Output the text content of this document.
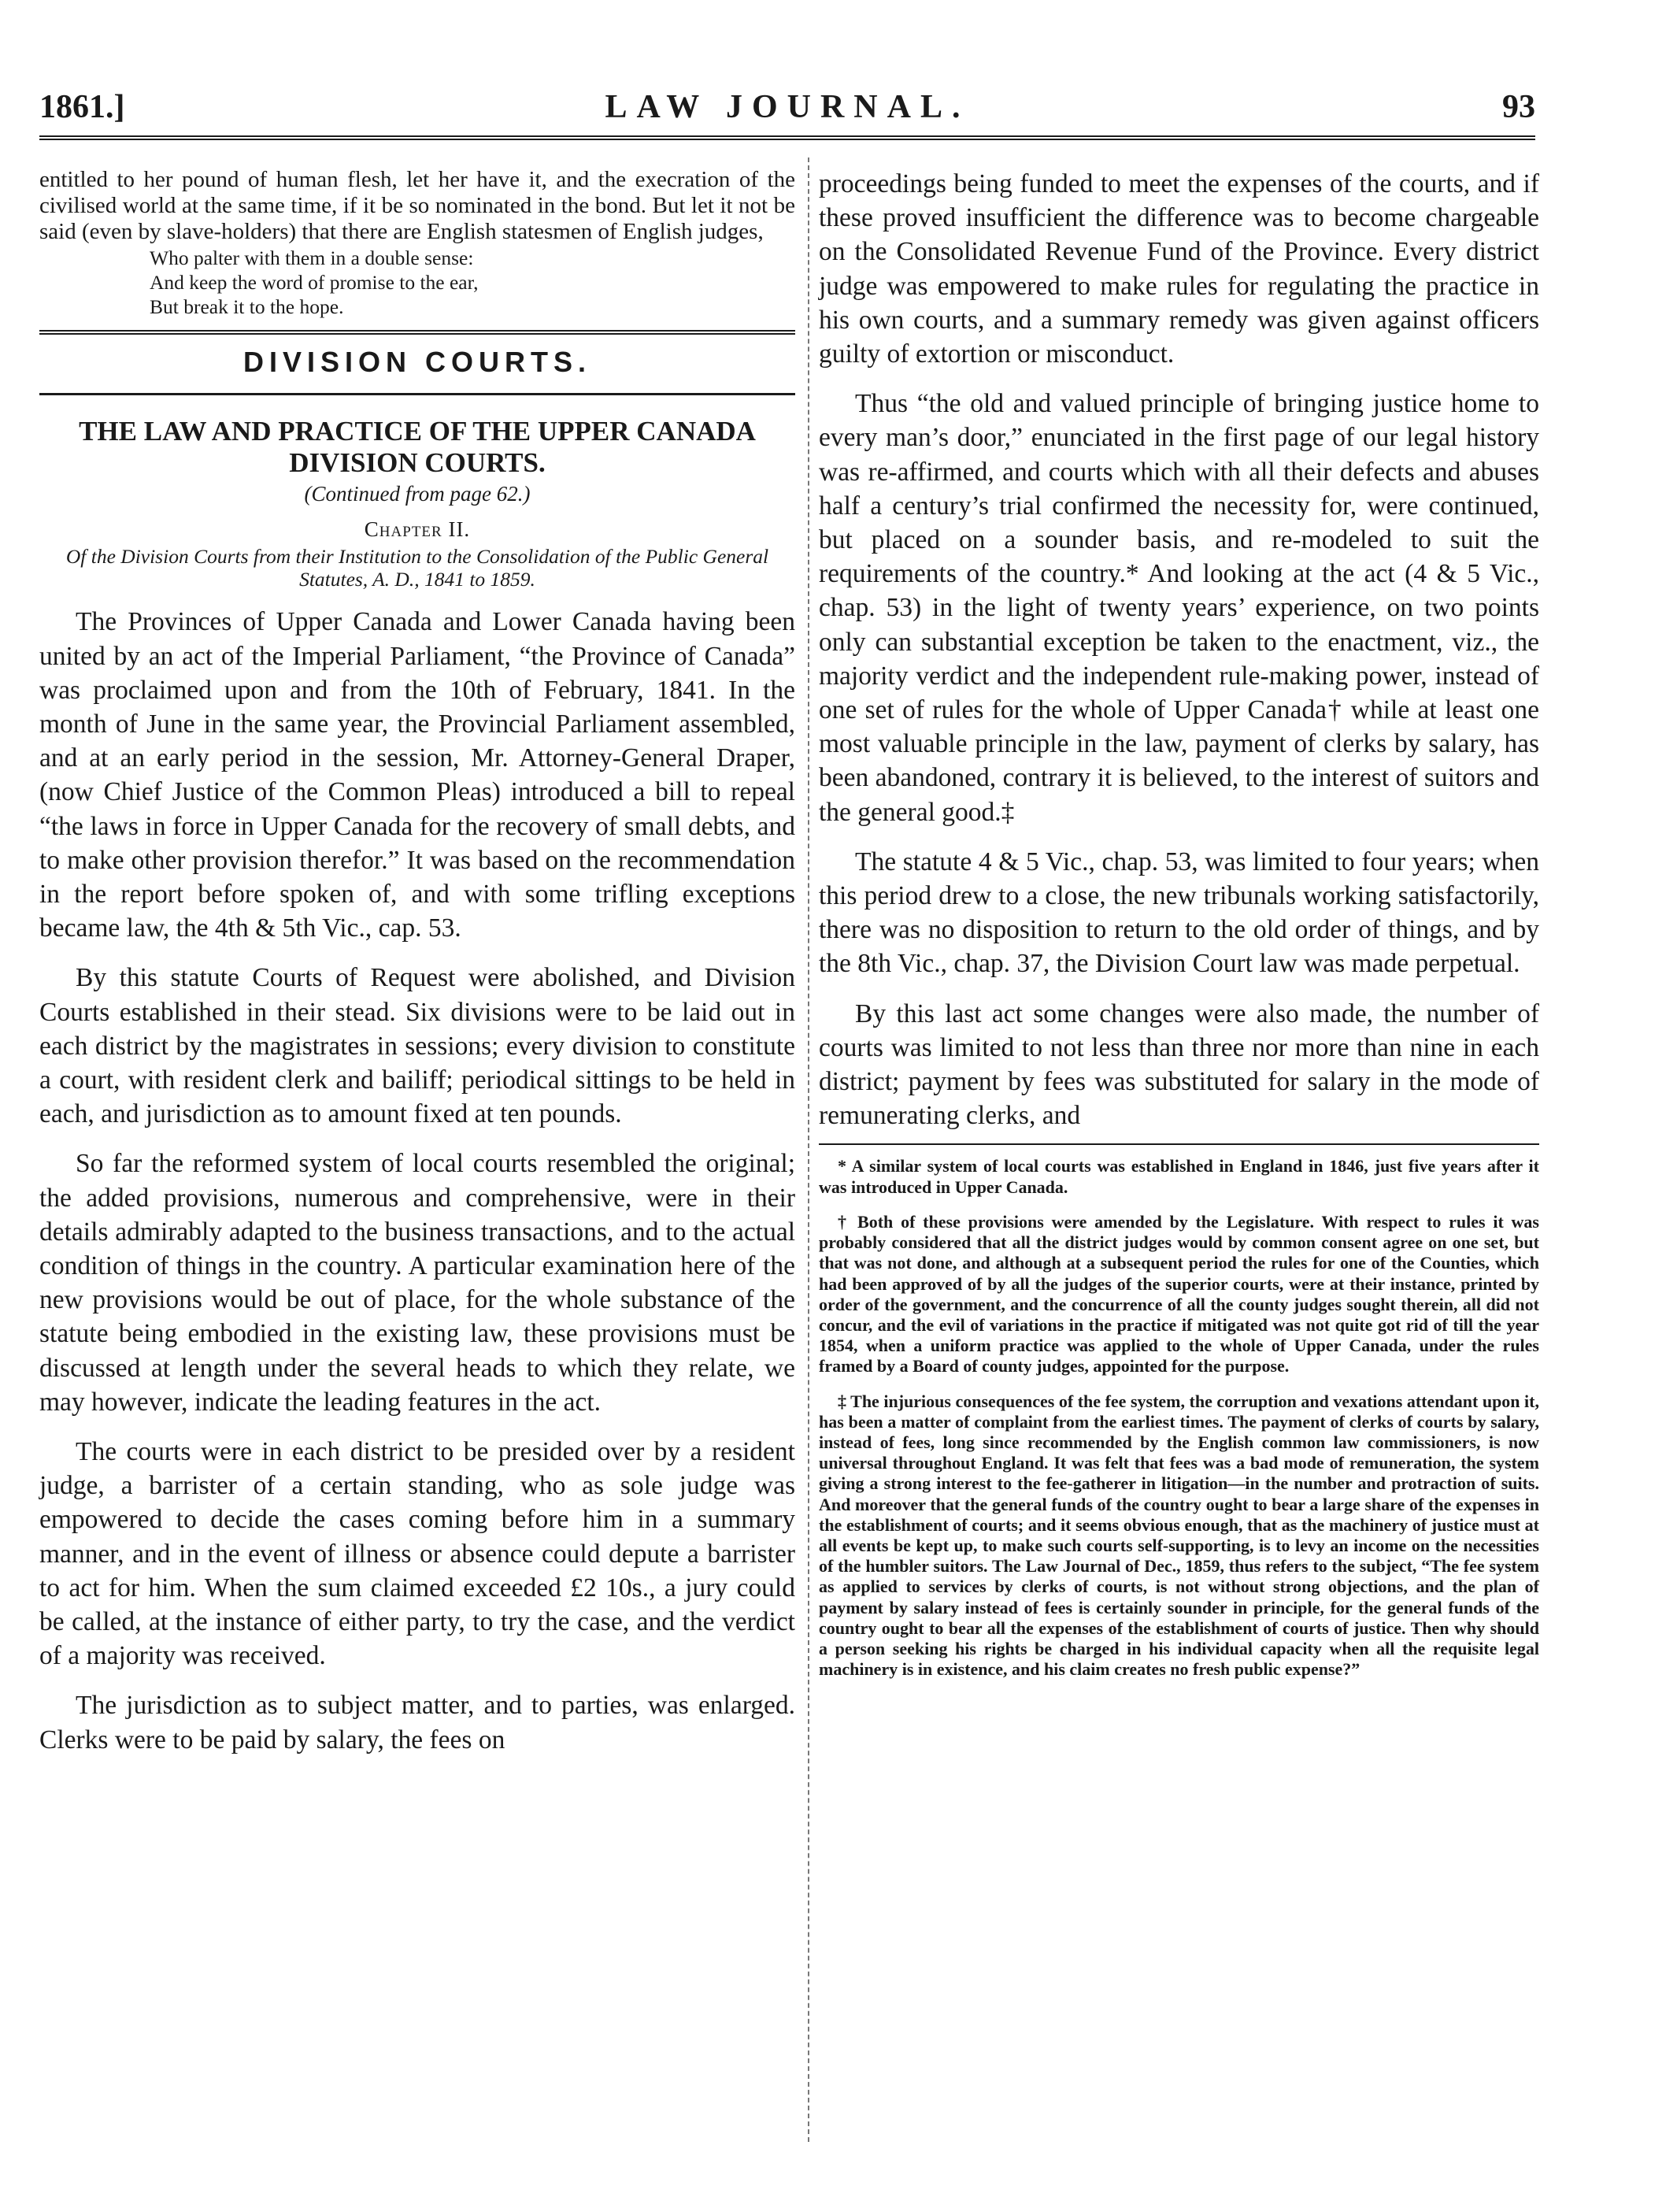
1861.]	LAW JOURNAL.	93

entitled to her pound of human flesh, let her have it, and the execration of the civilised world at the same time, if it be so nominated in the bond. But let it not be said (even by slave-holders) that there are English statesmen of English judges,

Who palter with them in a double sense:
And keep the word of promise to the ear,
But break it to the hope.
DIVISION COURTS.
THE LAW AND PRACTICE OF THE UPPER CANADA DIVISION COURTS.
(Continued from page 62.)
Chapter II.
Of the Division Courts from their Institution to the Consolidation of the Public General Statutes, A. D., 1841 to 1859.

The Provinces of Upper Canada and Lower Canada having been united by an act of the Imperial Parliament, “the Province of Canada” was proclaimed upon and from the 10th of February, 1841. In the month of June in the same year, the Provincial Parliament assembled, and at an early period in the session, Mr. Attorney-General Draper, (now Chief Justice of the Common Pleas) introduced a bill to repeal “the laws in force in Upper Canada for the recovery of small debts, and to make other provision therefor.” It was based on the recommendation in the report before spoken of, and with some trifling exceptions became law, the 4th & 5th Vic., cap. 53.

By this statute Courts of Request were abolished, and Division Courts established in their stead. Six divisions were to be laid out in each district by the magistrates in sessions; every division to constitute a court, with resident clerk and bailiff; periodical sittings to be held in each, and jurisdiction as to amount fixed at ten pounds.

So far the reformed system of local courts resembled the original; the added provisions, numerous and comprehensive, were in their details admirably adapted to the business transactions, and to the actual condition of things in the country. A particular examination here of the new provisions would be out of place, for the whole substance of the statute being embodied in the existing law, these provisions must be discussed at length under the several heads to which they relate, we may however, indicate the leading features in the act.

The courts were in each district to be presided over by a resident judge, a barrister of a certain standing, who as sole judge was empowered to decide the cases coming before him in a summary manner, and in the event of illness or absence could depute a barrister to act for him. When the sum claimed exceeded £2 10s., a jury could be called, at the instance of either party, to try the case, and the verdict of a majority was received.

The jurisdiction as to subject matter, and to parties, was enlarged. Clerks were to be paid by salary, the fees on

proceedings being funded to meet the expenses of the courts, and if these proved insufficient the difference was to become chargeable on the Consolidated Revenue Fund of the Province. Every district judge was empowered to make rules for regulating the practice in his own courts, and a summary remedy was given against officers guilty of extortion or misconduct.

Thus “the old and valued principle of bringing justice home to every man’s door,” enunciated in the first page of our legal history was re-affirmed, and courts which with all their defects and abuses half a century’s trial confirmed the necessity for, were continued, but placed on a sounder basis, and re-modeled to suit the requirements of the country.* And looking at the act (4 & 5 Vic., chap. 53) in the light of twenty years’ experience, on two points only can substantial exception be taken to the enactment, viz., the majority verdict and the independent rule-making power, instead of one set of rules for the whole of Upper Canada† while at least one most valuable principle in the law, payment of clerks by salary, has been abandoned, contrary it is believed, to the interest of suitors and the general good.‡

The statute 4 & 5 Vic., chap. 53, was limited to four years; when this period drew to a close, the new tribunals working satisfactorily, there was no disposition to return to the old order of things, and by the 8th Vic., chap. 37, the Division Court law was made perpetual.

By this last act some changes were also made, the number of courts was limited to not less than three nor more than nine in each district; payment by fees was substituted for salary in the mode of remunerating clerks, and

* A similar system of local courts was established in England in 1846, just five years after it was introduced in Upper Canada.

† Both of these provisions were amended by the Legislature. With respect to rules it was probably considered that all the district judges would by common consent agree on one set, but that was not done, and although at a subsequent period the rules for one of the Counties, which had been approved of by all the judges of the superior courts, were at their instance, printed by order of the government, and the concurrence of all the county judges sought therein, all did not concur, and the evil of variations in the practice if mitigated was not quite got rid of till the year 1854, when a uniform practice was applied to the whole of Upper Canada, under the rules framed by a Board of county judges, appointed for the purpose.

‡ The injurious consequences of the fee system, the corruption and vexations attendant upon it, has been a matter of complaint from the earliest times. The payment of clerks of courts by salary, instead of fees, long since recommended by the English common law commissioners, is now universal throughout England. It was felt that fees was a bad mode of remuneration, the system giving a strong interest to the fee-gatherer in litigation—in the number and protraction of suits. And moreover that the general funds of the country ought to bear a large share of the expenses in the establishment of courts; and it seems obvious enough, that as the machinery of justice must at all events be kept up, to make such courts self-supporting, is to levy an income on the necessities of the humbler suitors. The Law Journal of Dec., 1859, thus refers to the subject, “The fee system as applied to services by clerks of courts, is not without strong objections, and the plan of payment by salary instead of fees is certainly sounder in principle, for the general funds of the country ought to bear all the expenses of the establishment of courts of justice. Then why should a person seeking his rights be charged in his individual capacity when all the requisite legal machinery is in existence, and his claim creates no fresh public expense?”
